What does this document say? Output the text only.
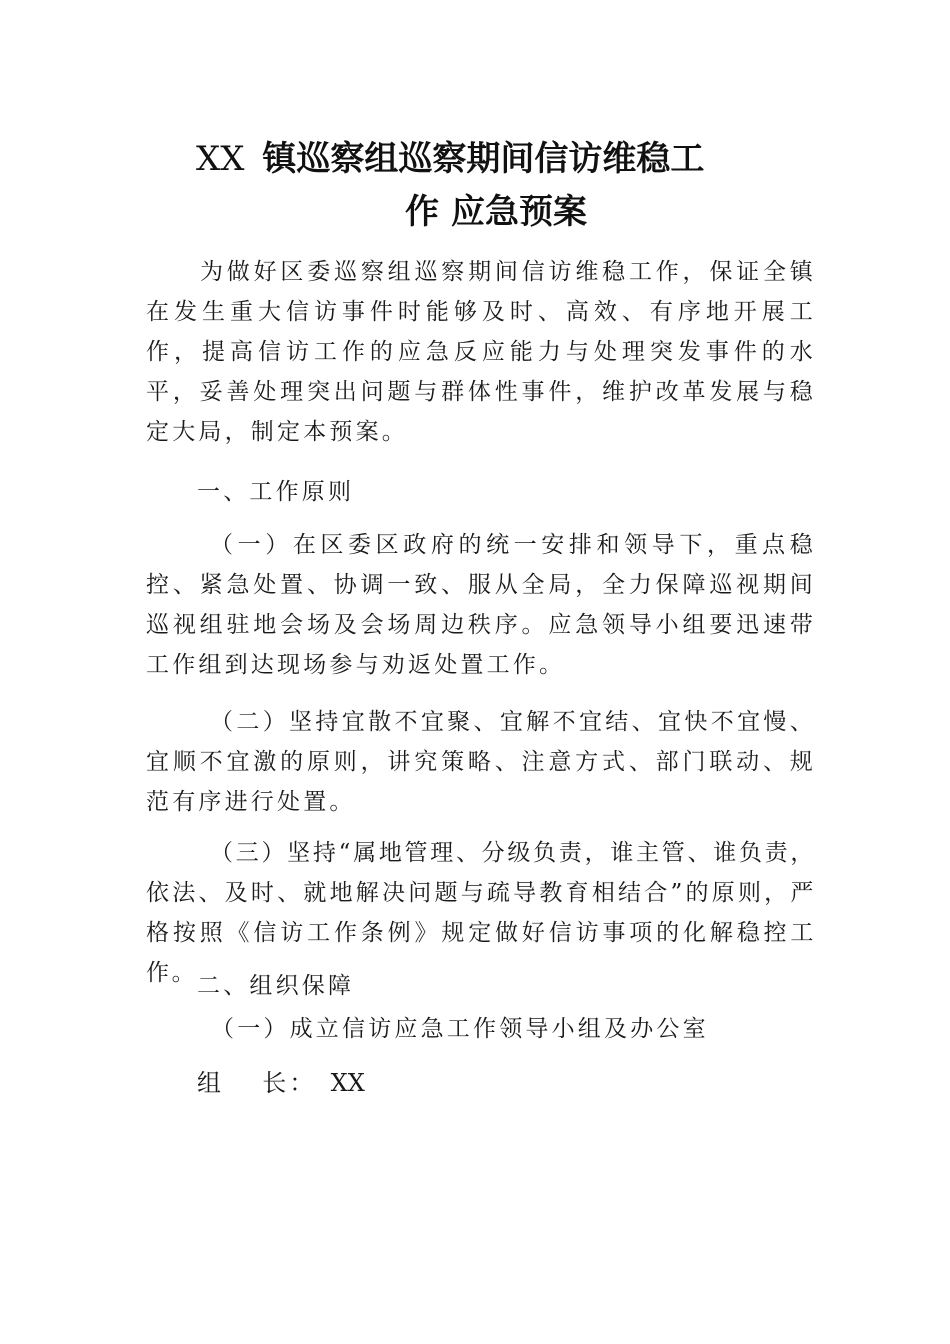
XX 镇巡察组巡察期间信访维稳工
作 应急预案
为做好区委巡察组巡察期间信访维稳工作，保证全镇在发生重大信访事件时能够及时、高效、有序地开展工作，提高信访工作的应急反应能力与处理突发事件的水平，妥善处理突出问题与群体性事件，维护改革发展与稳定大局，制定本预案。
一、工作原则
（一）在区委区政府的统一安排和领导下，重点稳控、紧急处置、协调一致、服从全局，全力保障巡视期间巡视组驻地会场及会场周边秩序。应急领导小组要迅速带工作组到达现场参与劝返处置工作。
（二）坚持宜散不宜聚、宜解不宜结、宜快不宜慢、宜顺不宜激的原则，讲究策略、注意方式、部门联动、规范有序进行处置。
（三）坚持“属地管理、分级负责，谁主管、谁负责，依法、及时、就地解决问题与疏导教育相结合”的原则，严格按照《信访工作条例》规定做好信访事项的化解稳控工作。 二、组织保障
（一）成立信访应急工作领导小组及办公室
组 长： XX
